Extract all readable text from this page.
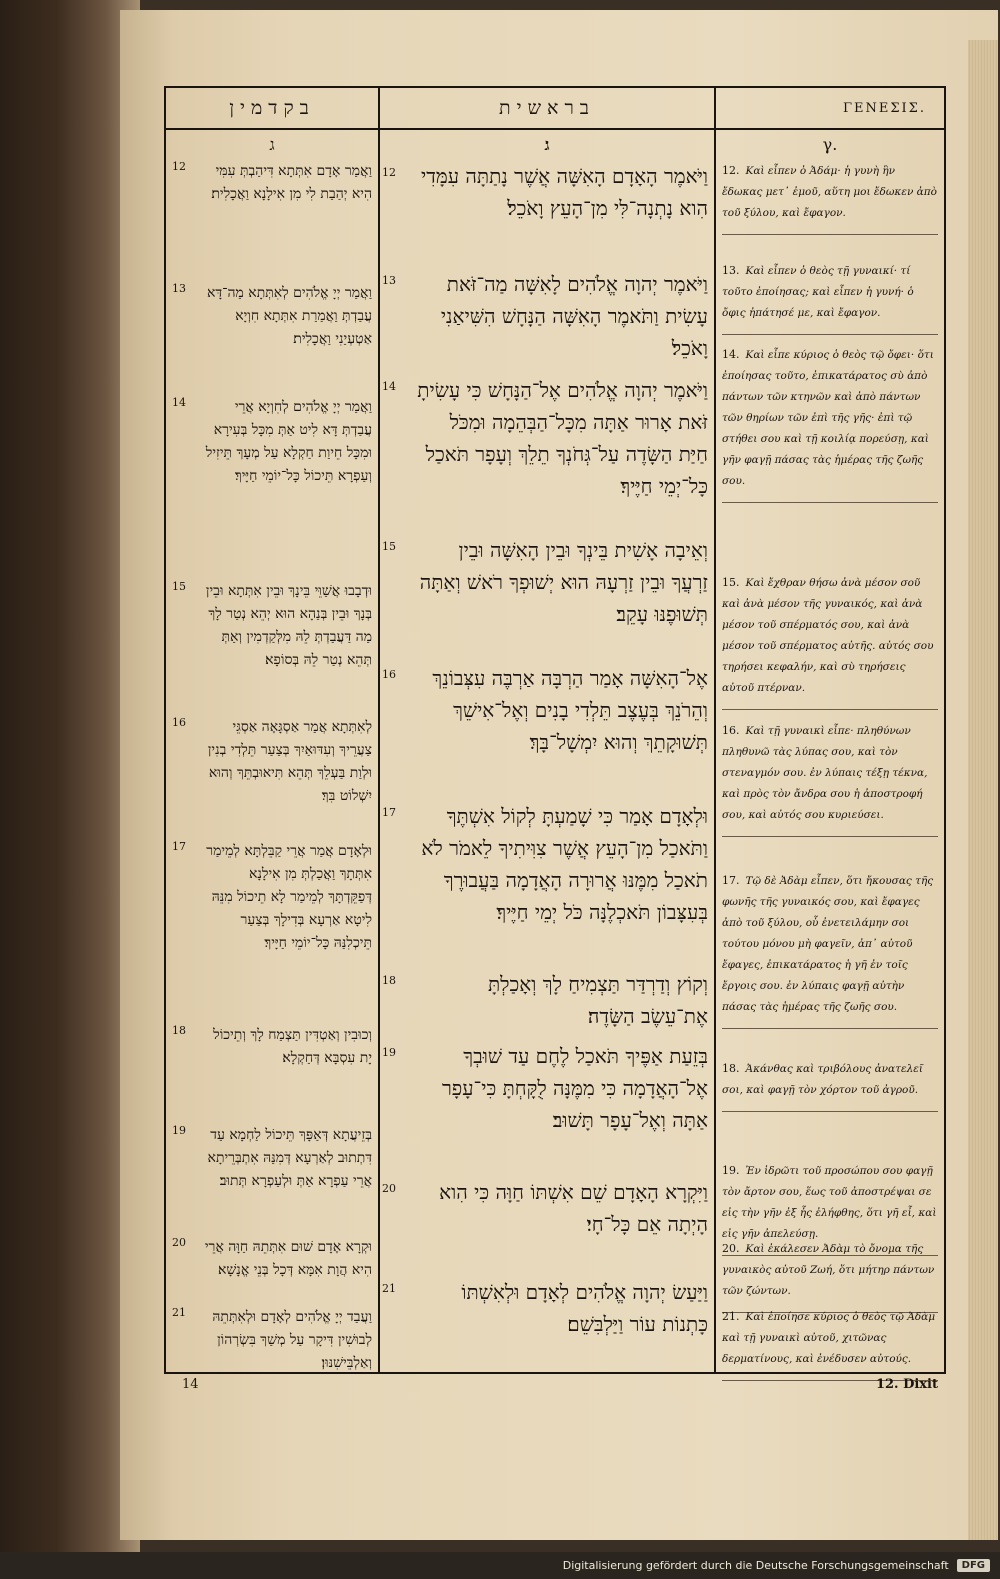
בקדמין
ג
12	וַאֲמַר אָדָם אִתְּתָא דִּיהַבְתְּ עִמִּי הִיא יְהַבַת לִי מִן אִילָנָא וַאֲכָלִית׃
13	וַאֲמַר יְיָ אֱלֹהִים לְאִתְּתָא מַה־דָּא עֲבַדְתְּ וַאֲמַרַת אִתְּתָא חִוְיָא אַטְעְיַנִי וַאֲכָלִית׃
14	וַאֲמַר יְיָ אֱלֹהִים לְחִוְיָא אֲרֵי עֲבַדְתְּ דָּא לִיט אַתְּ מִכָּל בְּעִירָא וּמִכָּל חֵיוַת חַקְלָא עַל מְעָךְ תֵּיזִיל וְעַפְרָא תֵּיכוֹל כָּל־יוֹמֵי חַיָּיךְ׃
15	וּדְבָבוּ אֲשַׁוֵּי בֵּינָךְ וּבֵין אִתְּתָא וּבֵין בְּנָךְ וּבֵין בְּנַהָא הוּא יְהֵא נְטַר לָךְ מַה דַּעֲבַדְתְּ לֵהּ מִלְּקַדְמִין וְאַתְּ תְּהֵא נְטַר לֵהּ בְּסוֹפָא׃
16	לְאִתְּתָא אֲמַר אַסְגָּאָה אַסְגֵּי צַעֲרֵיךְ וְעִדּוּאַיִךְ בְּצַעַר תֵּלְדִי בְנִין וּלְוַת בַּעְלֵךְ תְּהֵא תִּיאוּבְתֵּךְ וְהוּא יִשְׁלוֹט בִּךְ׃
17	וּלְאָדָם אֲמַר אֲרֵי קַבֵּלְתָּא לְמֵימַר אִתְּתָךְ וַאֲכַלְתְּ מִן אִילָנָא דְּפַקֵּדְתָּךְ לְמֵימַר לָא תֵיכוֹל מִנֵּהּ לִיטָא אַרְעָא בְּדִילָךְ בְּצַעַר תֵּיכְלִנַּהּ כָּל־יוֹמֵי חַיָּיךְ׃
18	וְכוּבִין וְאַטְדִּין תַּצְמַח לָךְ וְתֵיכוֹל יָת עִסְבָּא דְּחַקְלָא׃
19	בְּזֵיעֲתָא דְּאַפָּךְ תֵּיכוֹל לַחְמָא עַד דִּתְתוּב לְאַרְעָא דְּמִנַּהּ אִתְבְּרֵיתָא אֲרֵי עַפְרָא אַתְּ וּלְעַפְרָא תְּתוּב׃
20	וּקְרָא אָדָם שׁוּם אִתְּתֵהּ חַוָּה אֲרֵי הִיא הֲוָת אִמָּא דְּכָל בְּנֵי אֱנָשָׁא׃
21	וַעֲבַד יְיָ אֱלֹהִים לְאָדָם וּלְאִתְּתֵהּ לְבוּשִׁין דִּיקָר עַל מְשַׁךְ בִּשְׂרְהוֹן וְאַלְבֵּישִׁנּוּן׃
בראשית
ג׃
12	וַיֹּאמֶר הָאָדָם הָאִשָּׁה אֲשֶׁר נָתַתָּה עִמָּדִי הִוא נָתְנָה־לִּי מִן־הָעֵץ וָאֹכֵל׃
13	וַיֹּאמֶר יְהוָה אֱלֹהִים לָאִשָּׁה מַה־זֹּאת עָשִׂית וַתֹּאמֶר הָאִשָּׁה הַנָּחָשׁ הִשִּׁיאַנִי וָאֹכֵל׃
14	וַיֹּאמֶר יְהוָה אֱלֹהִים אֶל־הַנָּחָשׁ כִּי עָשִׂיתָ זֹּאת אָרוּר אַתָּה מִכָּל־הַבְּהֵמָה וּמִכֹּל חַיַּת הַשָּׂדֶה עַל־גְּחֹנְךָ תֵלֵךְ וְעָפָר תֹּאכַל כָּל־יְמֵי חַיֶּיךָ׃
15	וְאֵיבָה אָשִׁית בֵּינְךָ וּבֵין הָאִשָּׁה וּבֵין זַרְעֲךָ וּבֵין זַרְעָהּ הוּא יְשׁוּפְךָ רֹאשׁ וְאַתָּה תְּשׁוּפֶנּוּ עָקֵב׃
16	אֶל־הָאִשָּׁה אָמַר הַרְבָּה אַרְבֶּה עִצְּבוֹנֵךְ וְהֵרֹנֵךְ בְּעֶצֶב תֵּלְדִי בָנִים וְאֶל־אִישֵׁךְ תְּשׁוּקָתֵךְ וְהוּא יִמְשָׁל־בָּךְ׃
17	וּלְאָדָם אָמַר כִּי שָׁמַעְתָּ לְקוֹל אִשְׁתֶּךָ וַתֹּאכַל מִן־הָעֵץ אֲשֶׁר צִוִּיתִיךָ לֵאמֹר לֹא תֹאכַל מִמֶּנּוּ אֲרוּרָה הָאֲדָמָה בַּעֲבוּרֶךָ בְּעִצָּבוֹן תֹּאכְלֶנָּה כֹּל יְמֵי חַיֶּיךָ׃
18	וְקוֹץ וְדַרְדַּר תַּצְמִיחַ לָךְ וְאָכַלְתָּ אֶת־עֵשֶׂב הַשָּׂדֶה׃
19	בְּזֵעַת אַפֶּיךָ תֹּאכַל לֶחֶם עַד שׁוּבְךָ אֶל־הָאֲדָמָה כִּי מִמֶּנָּה לֻקָּחְתָּ כִּי־עָפָר אַתָּה וְאֶל־עָפָר תָּשׁוּב׃
20	וַיִּקְרָא הָאָדָם שֵׁם אִשְׁתּוֹ חַוָּה כִּי הִוא הָיְתָה אֵם כָּל־חָי׃
21	וַיַּעַשׂ יְהוָה אֱלֹהִים לְאָדָם וּלְאִשְׁתּוֹ כָּתְנוֹת עוֹר וַיַּלְבִּשֵׁם׃
ΓΕΝΕΣΙΣ.
γ.
12. Καὶ εἶπεν ὁ Ἀδάμ· ἡ γυνὴ ἣν ἔδωκας μετ᾽ ἐμοῦ, αὕτη μοι ἔδωκεν ἀπὸ τοῦ ξύλου, καὶ ἔφαγον.
13. Καὶ εἶπεν ὁ θεὸς τῇ γυναικί· τί τοῦτο ἐποίησας; καὶ εἶπεν ἡ γυνή· ὁ ὄφις ἠπάτησέ με, καὶ ἔφαγον.
14. Καὶ εἶπε κύριος ὁ θεὸς τῷ ὄφει· ὅτι ἐποίησας τοῦτο, ἐπικατάρατος σὺ ἀπὸ πάντων τῶν κτηνῶν καὶ ἀπὸ πάντων τῶν θηρίων τῶν ἐπὶ τῆς γῆς· ἐπὶ τῷ στήθει σου καὶ τῇ κοιλίᾳ πορεύσῃ, καὶ γῆν φαγῇ πάσας τὰς ἡμέρας τῆς ζωῆς σου.
15. Καὶ ἔχθραν θήσω ἀνὰ μέσον σοῦ καὶ ἀνὰ μέσον τῆς γυναικός, καὶ ἀνὰ μέσον τοῦ σπέρματός σου, καὶ ἀνὰ μέσον τοῦ σπέρματος αὐτῆς. αὐτός σου τηρήσει κεφαλήν, καὶ σὺ τηρήσεις αὐτοῦ πτέρναν.
16. Καὶ τῇ γυναικὶ εἶπε· πληθύνων πληθυνῶ τὰς λύπας σου, καὶ τὸν στεναγμόν σου. ἐν λύπαις τέξῃ τέκνα, καὶ πρὸς τὸν ἄνδρα σου ἡ ἀποστροφή σου, καὶ αὐτός σου κυριεύσει.
17. Τῷ δὲ Ἀδὰμ εἶπεν, ὅτι ἤκουσας τῆς φωνῆς τῆς γυναικός σου, καὶ ἔφαγες ἀπὸ τοῦ ξύλου, οὗ ἐνετειλάμην σοι τούτου μόνου μὴ φαγεῖν, ἀπ᾽ αὐτοῦ ἔφαγες, ἐπικατάρατος ἡ γῆ ἐν τοῖς ἔργοις σου. ἐν λύπαις φαγῇ αὐτὴν πάσας τὰς ἡμέρας τῆς ζωῆς σου.
18. Ἀκάνθας καὶ τριβόλους ἀνατελεῖ σοι, καὶ φαγῇ τὸν χόρτον τοῦ ἀγροῦ.
19. Ἐν ἱδρῶτι τοῦ προσώπου σου φαγῇ τὸν ἄρτον σου, ἕως τοῦ ἀποστρέψαι σε εἰς τὴν γῆν ἐξ ἧς ἐλήφθης, ὅτι γῆ εἶ, καὶ εἰς γῆν ἀπελεύσῃ.
20. Καὶ ἐκάλεσεν Ἀδὰμ τὸ ὄνομα τῆς γυναικὸς αὐτοῦ Ζωή, ὅτι μήτηρ πάντων τῶν ζώντων.
21. Καὶ ἐποίησε κύριος ὁ θεὸς τῷ Ἀδὰμ καὶ τῇ γυναικὶ αὐτοῦ, χιτῶνας δερματίνους, καὶ ἐνέδυσεν αὐτούς.
14	12. Dixit
Digitalisierung gefördert durch die Deutsche Forschungsgemeinschaft	DFG
